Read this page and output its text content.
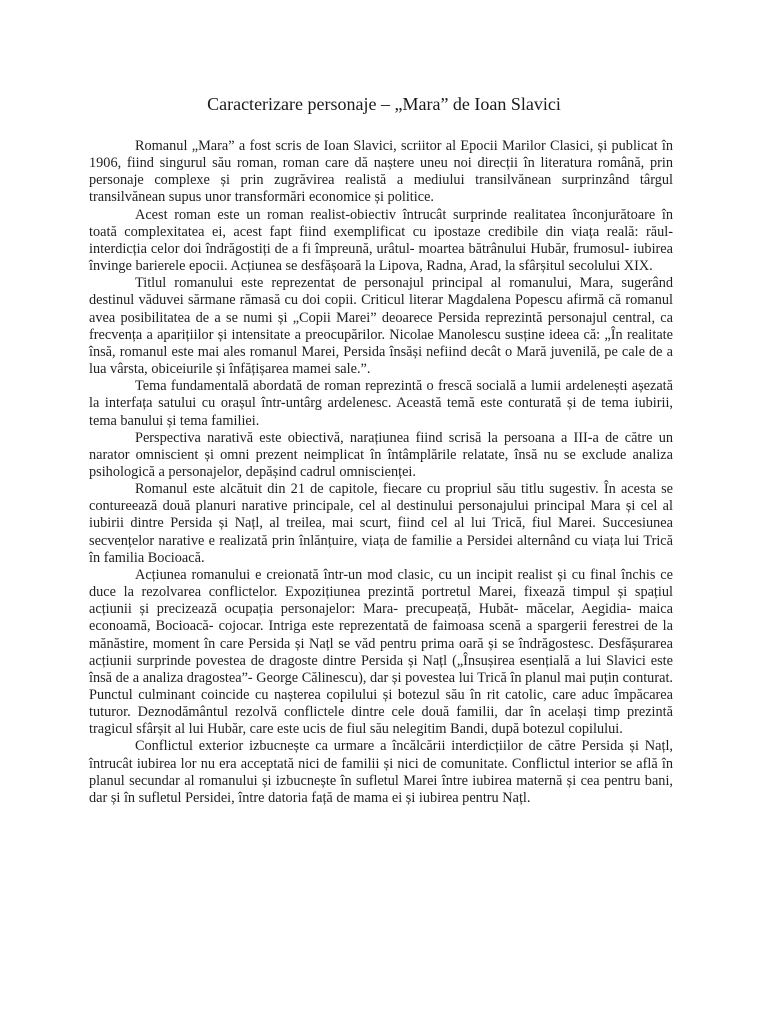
Caracterizare personaje – „Mara” de Ioan Slavici

Romanul „Mara” a fost scris de Ioan Slavici, scriitor al Epocii Marilor Clasici, și publicat în 1906, fiind singurul său roman, roman care dă naștere uneu noi direcții în literatura română, prin personaje complexe și prin zugrăvirea realistă a mediului transilvănean surprinzând târgul transilvănean supus unor transformări economice și politice.

Acest roman este un roman realist-obiectiv întrucât surprinde realitatea înconjurătoare în toată complexitatea ei, acest fapt fiind exemplificat cu ipostaze credibile din viața reală: răul- interdicția celor doi îndrăgostiți de a fi împreună, urâtul- moartea bătrânului Hubăr, frumosul- iubirea învinge barierele epocii. Acțiunea se desfășoară la Lipova, Radna, Arad, la sfârșitul secolului XIX.

Titlul romanului este reprezentat de personajul principal al romanului, Mara, sugerând destinul văduvei sărmane rămasă cu doi copii. Criticul literar Magdalena Popescu afirmă că romanul avea posibilitatea de a se numi și „Copii Marei” deoarece Persida reprezintă personajul central, ca frecvența a aparițiilor și intensitate a preocupărilor. Nicolae Manolescu susține ideea că: „În realitate însă, romanul este mai ales romanul Marei, Persida însăși nefiind decât o Mară juvenilă, pe cale de a lua vârsta, obiceiurile și înfățișarea mamei sale.”.

Tema fundamentală abordată de roman reprezintă o frescă socială a lumii ardelenești așezată la interfața satului cu orașul într-untârg ardelenesc. Această temă este conturată și de tema iubirii, tema banului și tema familiei.

Perspectiva narativă este obiectivă, narațiunea fiind scrisă la persoana a III-a de către un narator omniscient și omni prezent neimplicat în întâmplările relatate, însă nu se exclude analiza psihologică a personajelor, depășind cadrul omniscienței.

Romanul este alcătuit din 21 de capitole, fiecare cu propriul său titlu sugestiv. În acesta se contureează două planuri narative principale, cel al destinului personajului principal Mara și cel al iubirii dintre Persida și Națl, al treilea, mai scurt, fiind cel al lui Trică, fiul Marei. Succesiunea secvențelor narative e realizată prin înlănțuire, viața de familie a Persidei alternând cu viața lui Trică în familia Bocioacă.

Acțiunea romanului e creionată într-un mod clasic, cu un incipit realist și cu final închis ce duce la rezolvarea conflictelor. Expozițiunea prezintă portretul Marei, fixează timpul și spațiul acțiunii și precizează ocupația personajelor: Mara- precupeață, Hubăt- măcelar, Aegidia- maica econoamă, Bocioacă- cojocar. Intriga este reprezentată de faimoasa scenă a spargerii ferestrei de la mănăstire, moment în care Persida și Națl se văd pentru prima oară și se îndrăgostesc. Desfășurarea acțiunii surprinde povestea de dragoste dintre Persida și Națl („Însușirea esențială a lui Slavici este însă de a analiza dragostea”- George Călinescu), dar și povestea lui Trică în planul mai puțin conturat. Punctul culminant coincide cu nașterea copilului și botezul său în rit catolic, care aduc împăcarea tuturor. Deznodământul rezolvă conflictele dintre cele două familii, dar în același timp prezintă tragicul sfârșit al lui Hubăr, care este ucis de fiul său nelegitim Bandi, după botezul copilului.

Conflictul exterior izbucnește ca urmare a încălcării interdicțiilor de către Persida și Națl, întrucât iubirea lor nu era acceptată nici de familii și nici de comunitate. Conflictul interior se află în planul secundar al romanului și izbucnește în sufletul Marei între iubirea maternă și cea pentru bani, dar și în sufletul Persidei, între datoria față de mama ei și iubirea pentru Națl.
